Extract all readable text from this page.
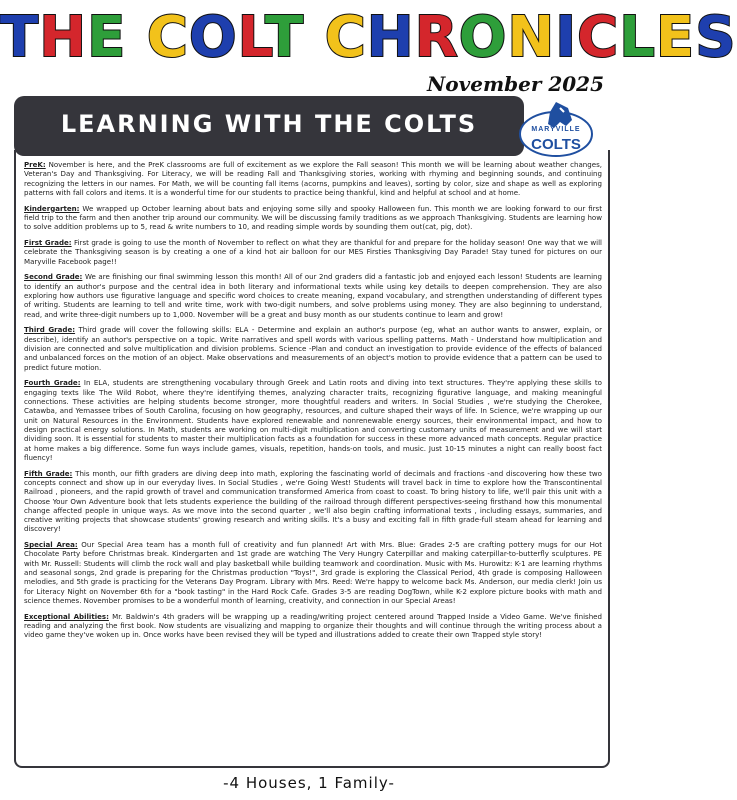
THE COLT CHRONICLES
November 2025
LEARNING WITH THE COLTS	MARYVILLE
COLTS

PreK: November is here, and the PreK classrooms are full of excitement as we explore the Fall season! This month we will be learning about weather changes, Veteran's Day and Thanksgiving. For Literacy, we will be reading Fall and Thanksgiving stories, working with rhyming and beginning sounds, and continuing recognizing the letters in our names. For Math, we will be counting fall items (acorns, pumpkins and leaves), sorting by color, size and shape as well as exploring patterns with fall colors and items. It is a wonderful time for our students to practice being thankful, kind and helpful at school and at home.

Kindergarten: We wrapped up October learning about bats and enjoying some silly and spooky Halloween fun. This month we are looking forward to our first field trip to the farm and then another trip around our community. We will be discussing family traditions as we approach Thanksgiving. Students are learning how to solve addition problems up to 5, read & write numbers to 10, and reading simple words by sounding them out(cat, pig, dot).

First Grade: First grade is going to use the month of November to reflect on what they are thankful for and prepare for the holiday season! One way that we will celebrate the Thanksgiving season is by creating a one of a kind hot air balloon for our MES Firsties Thanksgiving Day Parade! Stay tuned for pictures on our Maryville Facebook page!!

Second Grade: We are finishing our final swimming lesson this month! All of our 2nd graders did a fantastic job and enjoyed each lesson! Students are learning to identify an author's purpose and the central idea in both literary and informational texts while using key details to deepen comprehension. They are also exploring how authors use figurative language and specific word choices to create meaning, expand vocabulary, and strengthen understanding of different types of writing. Students are learning to tell and write time, work with two-digit numbers, and solve problems using money. They are also beginning to understand, read, and write three-digit numbers up to 1,000. November will be a great and busy month as our students continue to learn and grow!

Third Grade: Third grade will cover the following skills: ELA - Determine and explain an author's purpose (eg, what an author wants to answer, explain, or describe), identify an author's perspective on a topic. Write narratives and spell words with various spelling patterns. Math - Understand how multiplication and division are connected and solve multiplication and division problems. Science -Plan and conduct an investigation to provide evidence of the effects of balanced and unbalanced forces on the motion of an object. Make observations and measurements of an object's motion to provide evidence that a pattern can be used to predict future motion.

Fourth Grade: In ELA, students are strengthening vocabulary through Greek and Latin roots and diving into text structures. They're applying these skills to engaging texts like The Wild Robot, where they're identifying themes, analyzing character traits, recognizing figurative language, and making meaningful connections. These activities are helping students become stronger, more thoughtful readers and writers. In Social Studies , we're studying the Cherokee, Catawba, and Yemassee tribes of South Carolina, focusing on how geography, resources, and culture shaped their ways of life. In Science, we're wrapping up our unit on Natural Resources in the Environment. Students have explored renewable and nonrenewable energy sources, their environmental impact, and how to design practical energy solutions. In Math, students are working on multi-digit multiplication and converting customary units of measurement and we will start dividing soon. It is essential for students to master their multiplication facts as a foundation for success in these more advanced math concepts. Regular practice at home makes a big difference. Some fun ways include games, visuals, repetition, hands-on tools, and music. Just 10-15 minutes a night can really boost fact fluency!

Fifth Grade: This month, our fifth graders are diving deep into math, exploring the fascinating world of decimals and fractions -and discovering how these two concepts connect and show up in our everyday lives. In Social Studies , we're Going West! Students will travel back in time to explore how the Transcontinental Railroad , pioneers, and the rapid growth of travel and communication transformed America from coast to coast. To bring history to life, we'll pair this unit with a Choose Your Own Adventure book that lets students experience the building of the railroad through different perspectives-seeing firsthand how this monumental change affected people in unique ways. As we move into the second quarter , we'll also begin crafting informational texts , including essays, summaries, and creative writing projects that showcase students' growing research and writing skills. It's a busy and exciting fall in fifth grade-full steam ahead for learning and discovery!

Special Area: Our Special Area team has a month full of creativity and fun planned! Art with Mrs. Blue: Grades 2-5 are crafting pottery mugs for our Hot Chocolate Party before Christmas break. Kindergarten and 1st grade are watching The Very Hungry Caterpillar and making caterpillar-to-butterfly sculptures. PE with Mr. Russell: Students will climb the rock wall and play basketball while building teamwork and coordination. Music with Ms. Hurowitz: K-1 are learning rhythms and seasonal songs, 2nd grade is preparing for the Christmas production "Toys!", 3rd grade is exploring the Classical Period, 4th grade is composing Halloween melodies, and 5th grade is practicing for the Veterans Day Program. Library with Mrs. Reed: We're happy to welcome back Ms. Anderson, our media clerk! Join us for Literacy Night on November 6th for a "book tasting" in the Hard Rock Cafe. Grades 3-5 are reading DogTown, while K-2 explore picture books with math and science themes. November promises to be a wonderful month of learning, creativity, and connection in our Special Areas!

Exceptional Abilities: Mr. Baldwin's 4th graders will be wrapping up a reading/writing project centered around Trapped Inside a Video Game. We've finished reading and analyzing the first book. Now students are visualizing and mapping to organize their thoughts and will continue through the writing process about a video game they've woken up in. Once works have been revised they will be typed and illustrations added to create their own Trapped style story!

-4 Houses, 1 Family-
